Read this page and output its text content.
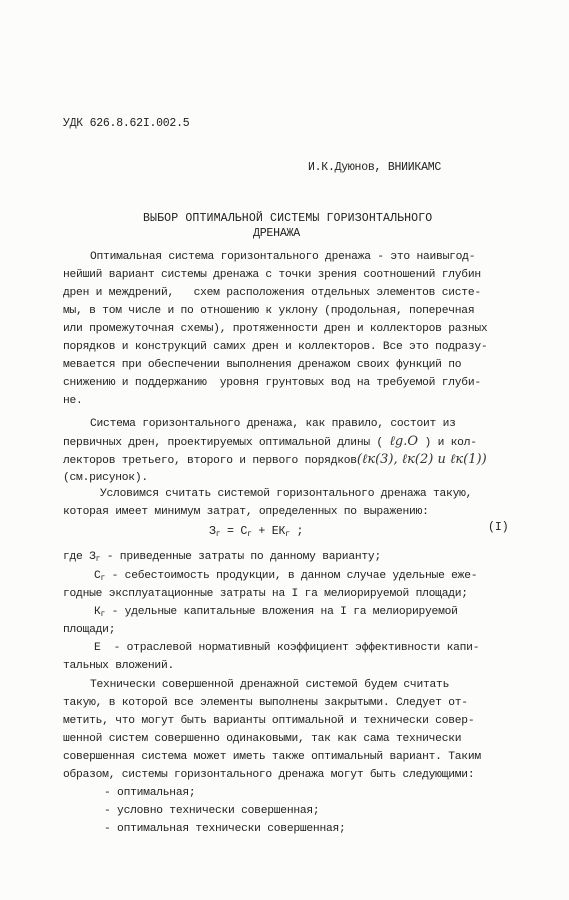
УДК 626.8.62I.002.5
И.К.Дуюнов, ВНИИКАМС
ВЫБОР ОПТИМАЛЬНОЙ СИСТЕМЫ ГОРИЗОНТАЛЬНОГО
ДРЕНАЖА
Оптимальная система горизонтального дренажа - это наивыгод-
нейший вариант системы дренажа с точки зрения соотношений глубин
дрен и междрений,   схем расположения отдельных элементов систе-
мы, в том числе и по отношению к уклону (продольная, поперечная
или промежуточная схемы), протяженности дрен и коллекторов разных
порядков и конструкций самих дрен и коллекторов. Все это подразу-
мевается при обеспечении выполнения дренажом своих функций по
снижению и поддержанию  уровня грунтовых вод на требуемой глуби-
не.
Система горизонтального дренажа, как правило, состоит из
первичных дрен, проектируемых оптимальной длины ( ℓg.O ) и кол-
лекторов третьего, второго и первого порядков(ℓк(3), ℓк(2) и ℓк(1))
(см.рисунок).
Условимся считать системой горизонтального дренажа такую,
которая имеет минимум затрат, определенных по выражению:
$З_г = С_г + ЕК_г$ ;	(I)
где $З_г$ - приведенные затраты по данному варианту;
$С_г$ - себестоимость продукции, в данном случае удельные еже-
годные эксплуатационные затраты на I га мелиорируемой площади;
$К_г$ - удельные капитальные вложения на I га мелиорируемой
площади;
Е  - отраслевой нормативный коэффициент эффективности капи-
тальных вложений.
Технически совершенной дренажной системой будем считать
такую, в которой все элементы выполнены закрытыми. Следует от-
метить, что могут быть варианты оптимальной и технически совер-
шенной систем совершенно одинаковыми, так как сама технически
совершенная система может иметь также оптимальный вариант. Таким
образом, системы горизонтального дренажа могут быть следующими:
- оптимальная;
- условно технически совершенная;
- оптимальная технически совершенная;
